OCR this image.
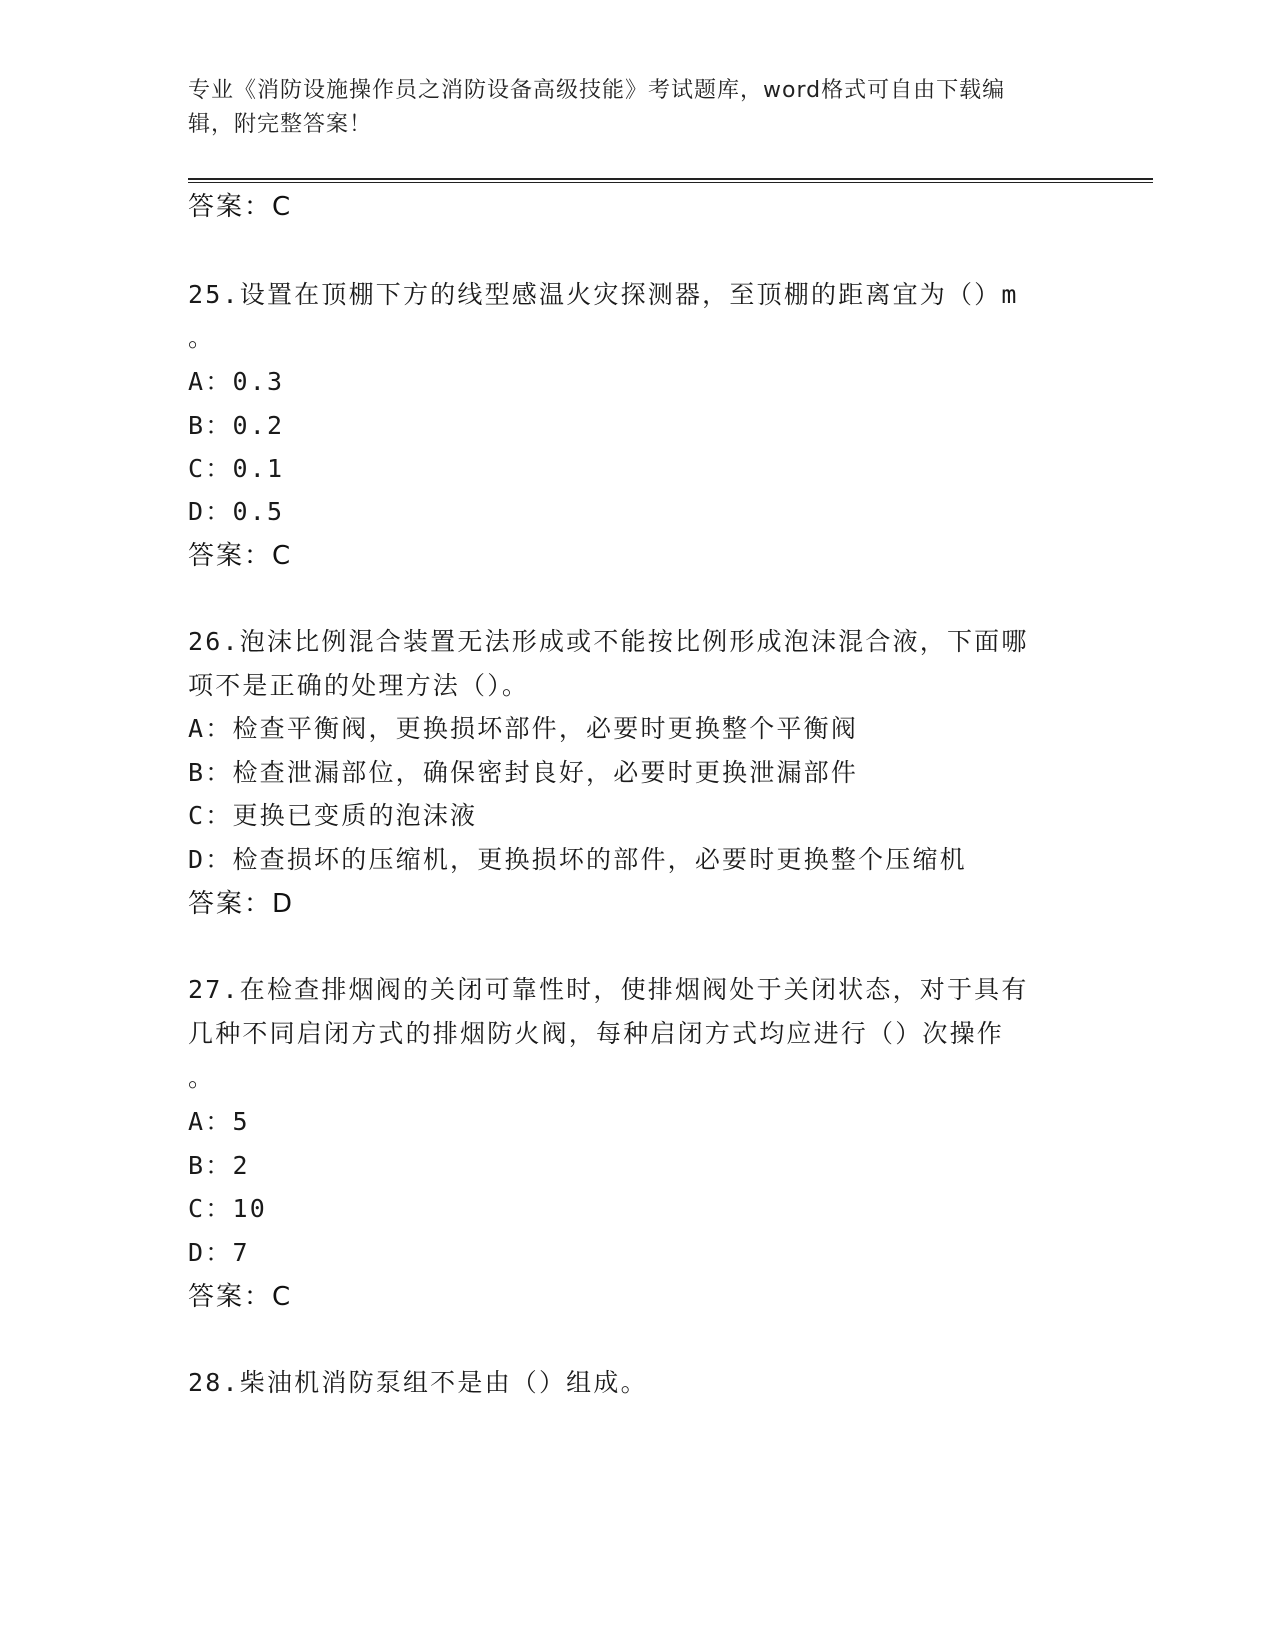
专业《消防设施操作员之消防设备高级技能》考试题库，word格式可自由下载编
辑，附完整答案！
答案：C
25.设置在顶棚下方的线型感温火灾探测器，至顶棚的距离宜为（）m
。
A：0.3
B：0.2
C：0.1
D：0.5
答案：C
26.泡沫比例混合装置无法形成或不能按比例形成泡沫混合液，下面哪
项不是正确的处理方法（）。
A：检查平衡阀，更换损坏部件，必要时更换整个平衡阀
B：检查泄漏部位，确保密封良好，必要时更换泄漏部件
C：更换已变质的泡沫液
D：检查损坏的压缩机，更换损坏的部件，必要时更换整个压缩机
答案：D
27.在检查排烟阀的关闭可靠性时，使排烟阀处于关闭状态，对于具有
几种不同启闭方式的排烟防火阀，每种启闭方式均应进行（）次操作
。
A：5
B：2
C：10
D：7
答案：C
28.柴油机消防泵组不是由（）组成。
